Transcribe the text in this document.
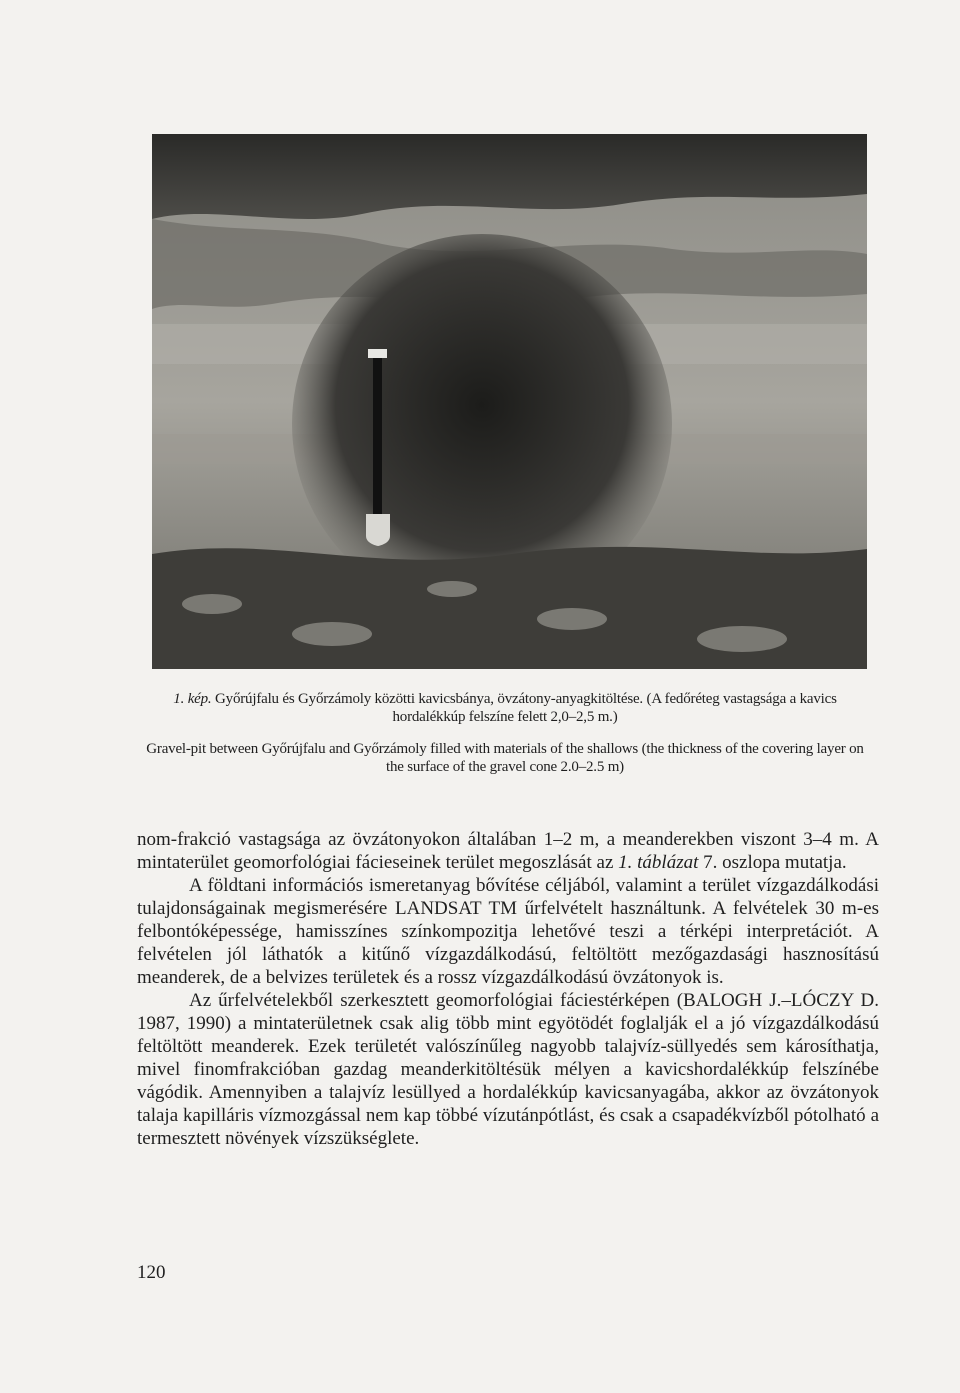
1. kép. Győrújfalu és Győrzámoly közötti kavicsbánya, övzátony-anyagkitöltése. (A fedőréteg vastagsága a kavics hordalékkúp felszíne felett 2,0–2,5 m.)
Gravel-pit between Győrújfalu and Győrzámoly filled with materials of the shallows (the thickness of the covering layer on the surface of the gravel cone 2.0–2.5 m)

nom-frakció vastagsága az övzátonyokon általában 1–2 m, a meanderekben viszont 3–4 m. A mintaterület geomorfológiai fácieseinek terület megoszlását az 1. táblázat 7. oszlopa mutatja.

A földtani információs ismeretanyag bővítése céljából, valamint a terület vízgazdálkodási tulajdonságainak megismerésére LANDSAT TM űrfelvételt használtunk. A felvételek 30 m-es felbontóképessége, hamisszínes színkompozitja lehetővé teszi a térképi interpretációt. A felvételen jól láthatók a kitűnő vízgazdálkodású, feltöltött mezőgazdasági hasznosítású meanderek, de a belvizes területek és a rossz vízgazdálkodású övzátonyok is.

Az űrfelvételekből szerkesztett geomorfológiai fáciestérképen (BALOGH J.–LÓCZY D. 1987, 1990) a mintaterületnek csak alig több mint egyötödét foglalják el a jó vízgazdálkodású feltöltött meanderek. Ezek területét valószínűleg nagyobb talajvíz-süllyedés sem károsíthatja, mivel finomfrakcióban gazdag meanderkitöltésük mélyen a kavicshordalékkúp felszínébe vágódik. Amennyiben a talajvíz lesüllyed a hordalékkúp kavicsanyagába, akkor az övzátonyok talaja kapilláris vízmozgással nem kap többé vízutánpótlást, és csak a csapadékvízből pótolható a termesztett növények vízszükséglete.

120
